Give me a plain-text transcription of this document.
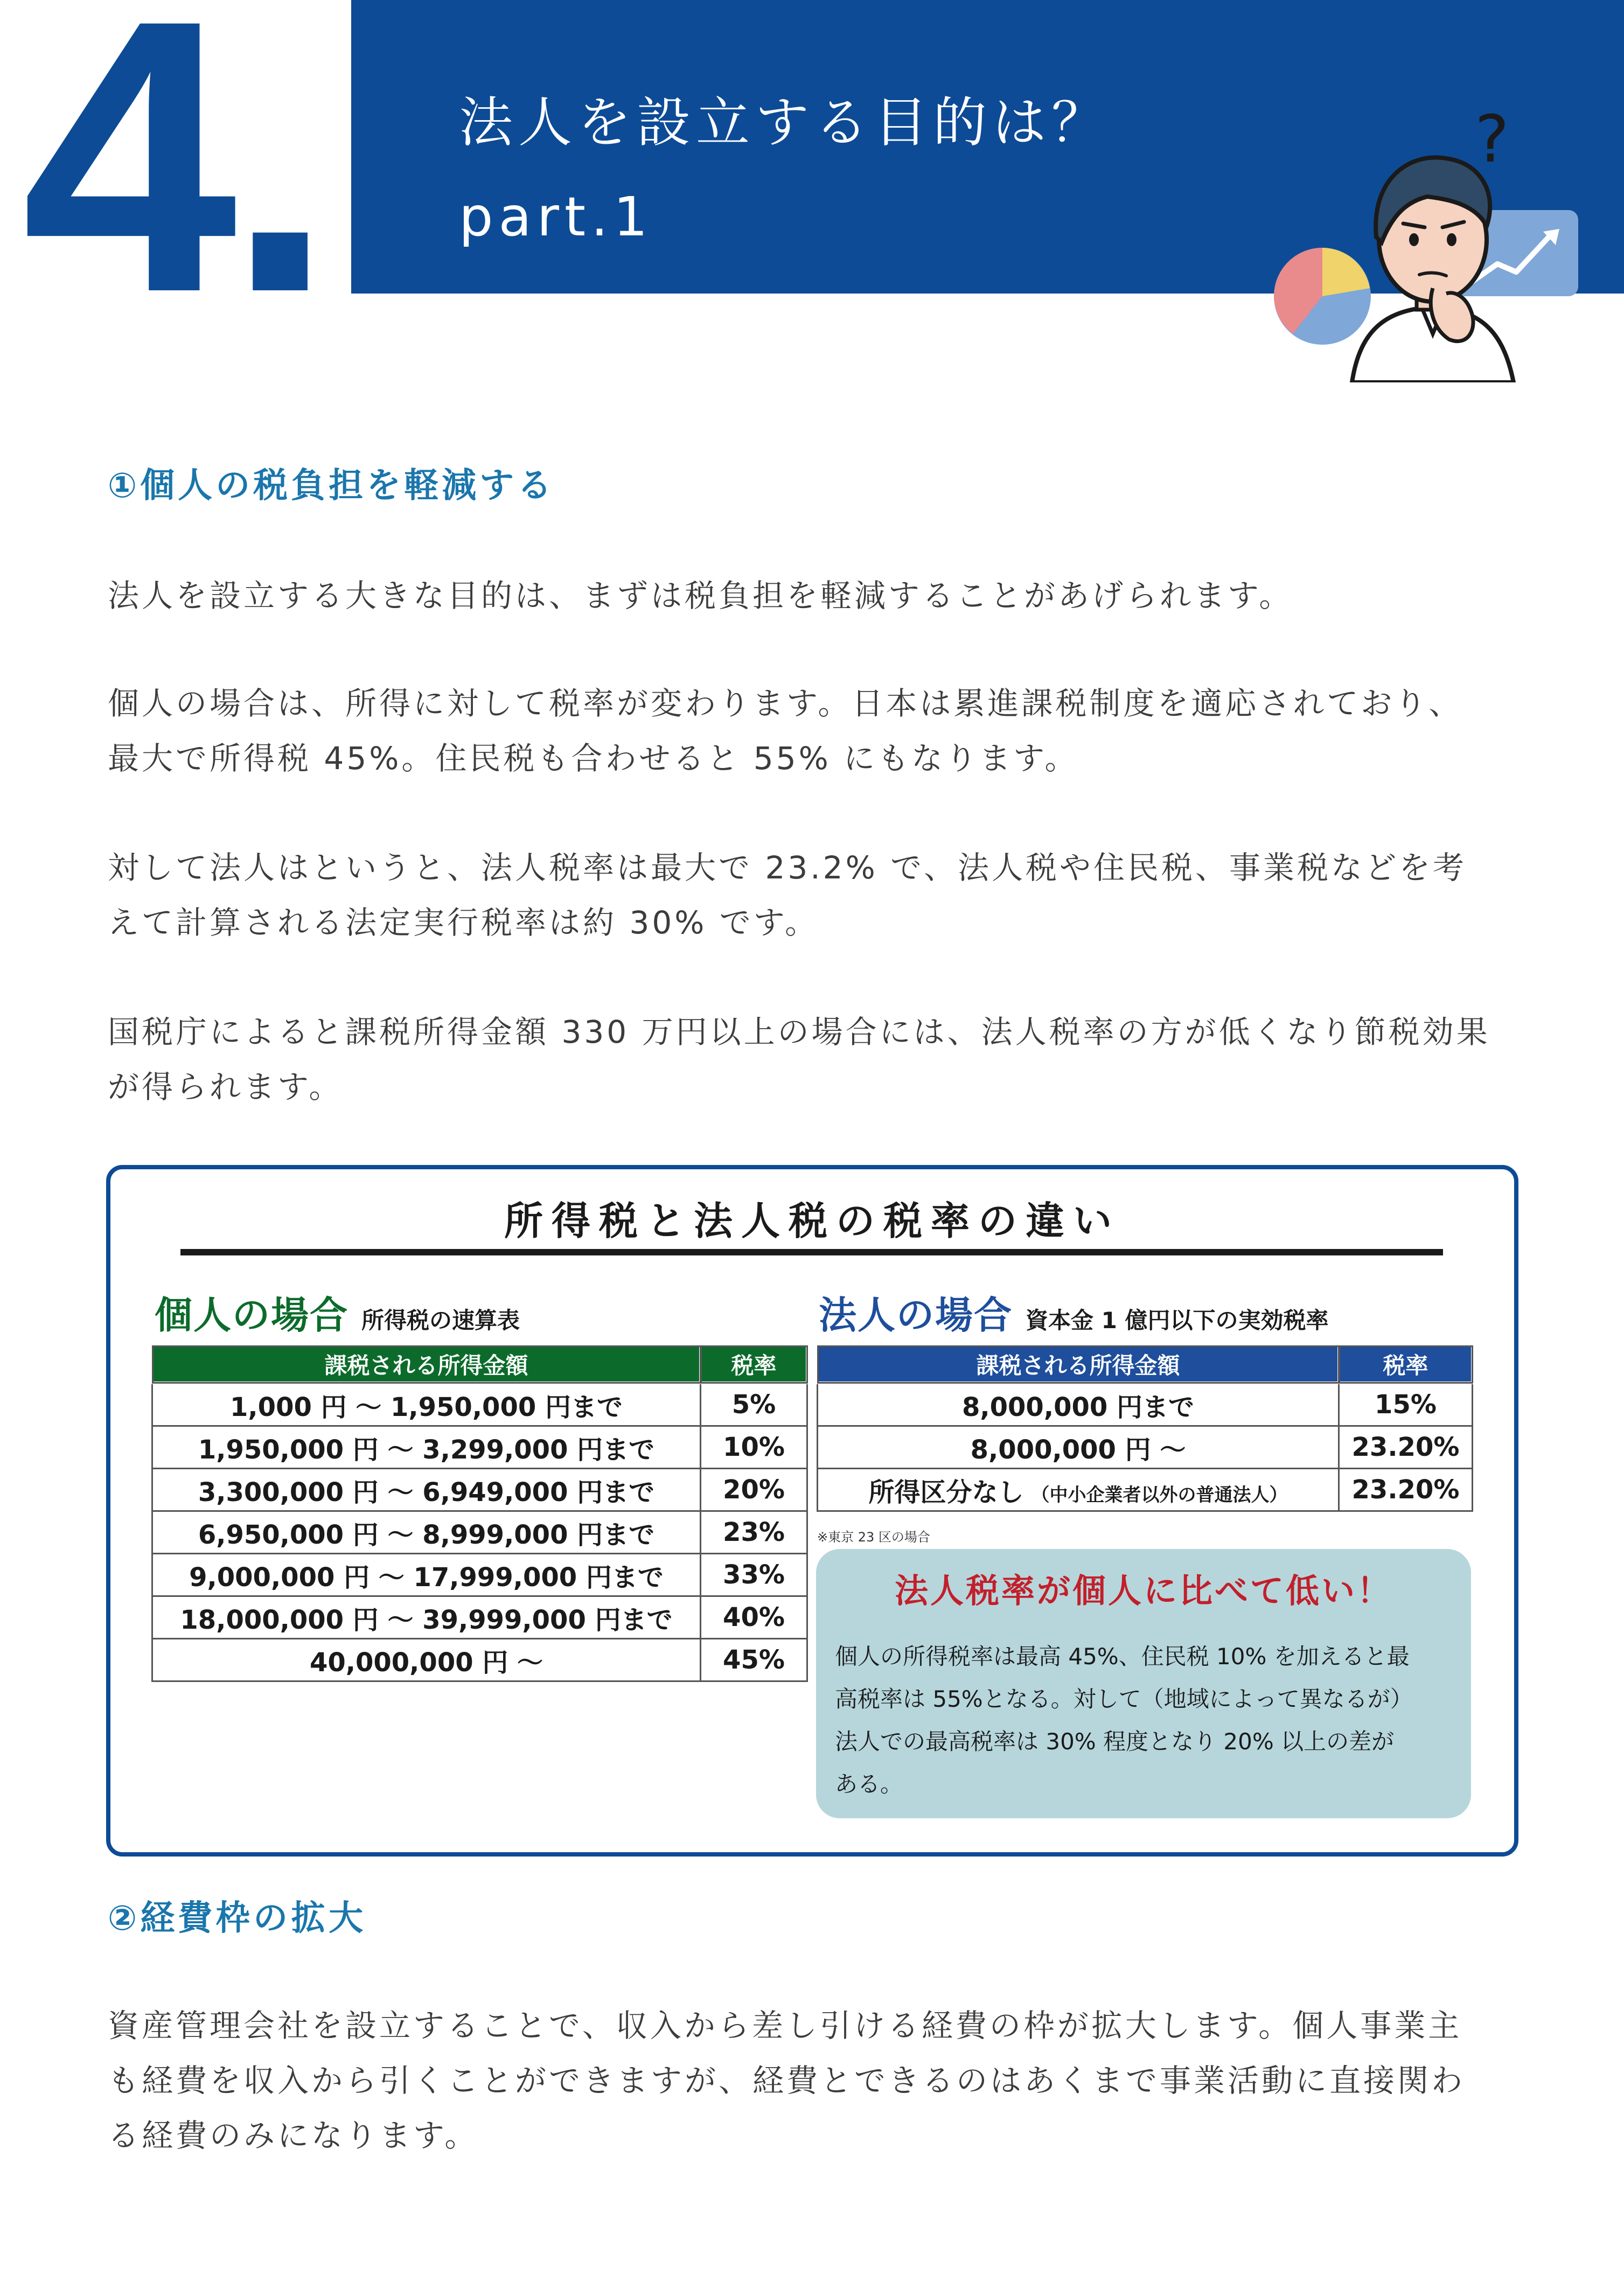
4.	法人を設立する目的は？
part.1
?
①個人の税負担を軽減する
法人を設立する大きな目的は、まずは税負担を軽減することがあげられます。
個人の場合は、所得に対して税率が変わります。日本は累進課税制度を適応されており、
最大で所得税 45%。住民税も合わせると 55% にもなります。
対して法人はというと、法人税率は最大で 23.2% で、法人税や住民税、事業税などを考
えて計算される法定実行税率は約 30% です。
国税庁によると課税所得金額 330 万円以上の場合には、法人税率の方が低くなり節税効果
が得られます。
所得税と法人税の税率の違い
個人の場合 所得税の速算表	法人の場合 資本金 1 億円以下の実効税率
課税される所得金額	税率
1,000 円 ～ 1,950,000 円まで	5%
1,950,000 円 ～ 3,299,000 円まで	10%
3,300,000 円 ～ 6,949,000 円まで	20%
6,950,000 円 ～ 8,999,000 円まで	23%
9,000,000 円 ～ 17,999,000 円まで	33%
18,000,000 円 ～ 39,999,000 円まで	40%
40,000,000 円 ～	45%
課税される所得金額	税率
8,000,000 円まで	15%
8,000,000 円 ～	23.20%
所得区分なし （中小企業者以外の普通法人）	23.20%
※東京 23 区の場合
法人税率が個人に比べて低い！
個人の所得税率は最高 45%、住民税 10% を加えると最
高税率は 55%となる。対して（地域によって異なるが）
法人での最高税率は 30% 程度となり 20% 以上の差が
ある。
②経費枠の拡大
資産管理会社を設立することで、収入から差し引ける経費の枠が拡大します。個人事業主
も経費を収入から引くことができますが、経費とできるのはあくまで事業活動に直接関わ
る経費のみになります。
